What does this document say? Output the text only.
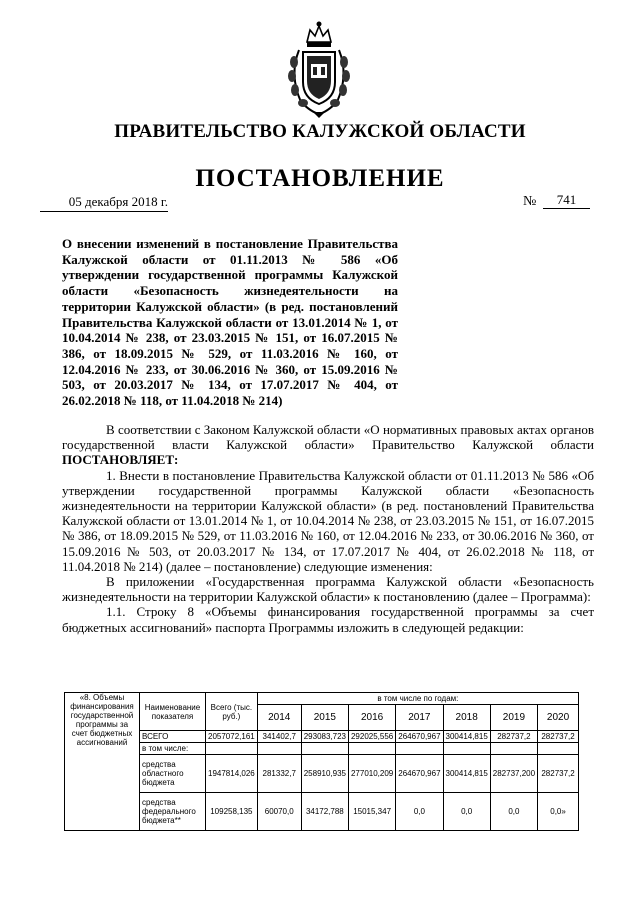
ПРАВИТЕЛЬСТВО КАЛУЖСКОЙ ОБЛАСТИ
ПОСТАНОВЛЕНИЕ
05 декабря 2018 г.	№	741
О внесении изменений в постановление Правительства Калужской области от 01.11.2013 № 586 «Об утверждении государственной программы Калужской области «Безопасность жизнедеятельности на территории Калужской области» (в ред. постановлений Правительства Калужской области от 13.01.2014 № 1, от 10.04.2014 № 238, от 23.03.2015 № 151, от 16.07.2015 № 386, от 18.09.2015 № 529, от 11.03.2016 № 160, от 12.04.2016 № 233, от 30.06.2016 № 360, от 15.09.2016 № 503, от 20.03.2017 № 134, от 17.07.2017 № 404, от 26.02.2018 № 118, от 11.04.2018 № 214)

В соответствии с Законом Калужской области «О нормативных правовых актах органов государственной власти Калужской области» Правительство Калужской области ПОСТАНОВЛЯЕТ:

1. Внести в постановление Правительства Калужской области от 01.11.2013 № 586 «Об утверждении государственной программы Калужской области «Безопасность жизнедеятельности на территории Калужской области» (в ред. постановлений Правительства Калужской области от 13.01.2014 № 1, от 10.04.2014 № 238, от 23.03.2015 № 151, от 16.07.2015 № 386, от 18.09.2015 № 529, от 11.03.2016 № 160, от 12.04.2016 № 233, от 30.06.2016 № 360, от 15.09.2016 № 503, от 20.03.2017 № 134, от 17.07.2017 № 404, от 26.02.2018 № 118, от 11.04.2018 № 214) (далее – постановление) следующие изменения:

В приложении «Государственная программа Калужской области «Безопасность жизнедеятельности на территории Калужской области» к постановлению (далее – Программа):

1.1. Строку 8 «Объемы финансирования государственной программы за счет бюджетных ассигнований» паспорта Программы изложить в следующей редакции:

«8. Объемы финансирования государственной программы за счет бюджетных ассигнований	Наименование показателя	Всего (тыс. руб.)	в том числе по годам:						
			2014	2015	2016	2017	2018	2019	2020
	ВСЕГО	2057072,161	341402,7	293083,723	292025,556	264670,967	300414,815	282737,2	282737,2
	в том числе:								
	средства областного бюджета	1947814,026	281332,7	258910,935	277010,209	264670,967	300414,815	282737,200	282737,2
	средства федерального бюджета**	109258,135	60070,0	34172,788	15015,347	0,0	0,0	0,0	0,0»
